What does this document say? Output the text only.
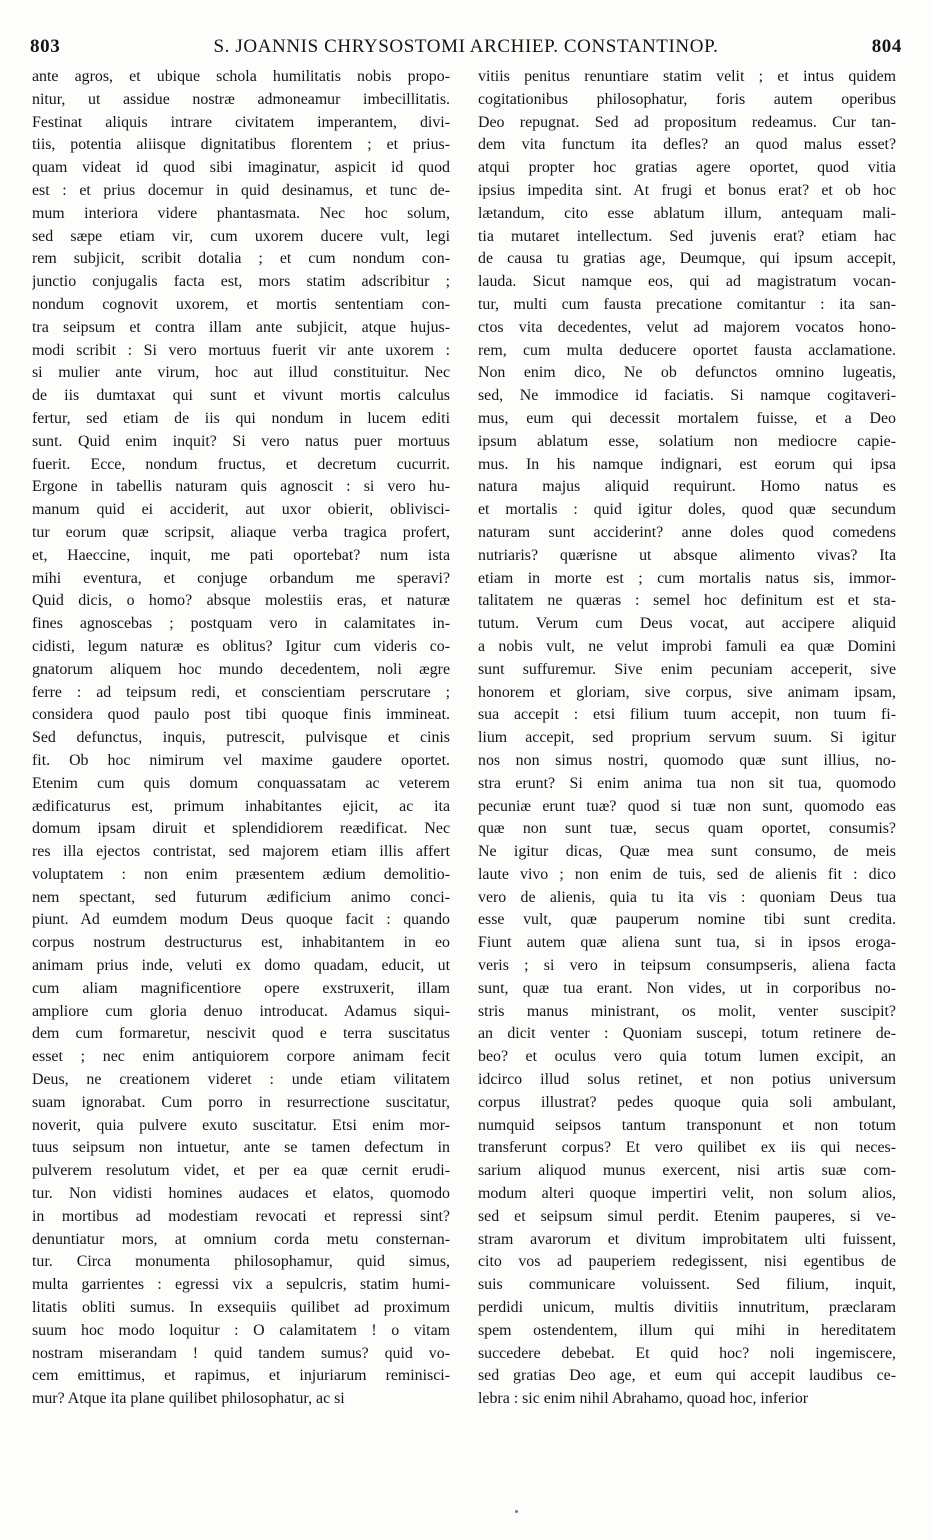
803	S. JOANNIS CHRYSOSTOMI ARCHIEP. CONSTANTINOP.	804
ante agros, et ubique schola humilitatis nobis propo-
nitur, ut assidue nostræ admoneamur imbecillitatis.
Festinat aliquis intrare civitatem imperantem, divi-
tiis, potentia aliisque dignitatibus florentem ; et prius-
quam videat id quod sibi imaginatur, aspicit id quod
est : et prius docemur in quid desinamus, et tunc de-
mum interiora videre phantasmata. Nec hoc solum,
sed sæpe etiam vir, cum uxorem ducere vult, legi
rem subjicit, scribit dotalia ; et cum nondum con-
junctio conjugalis facta est, mors statim adscribitur ;
nondum cognovit uxorem, et mortis sententiam con-
tra seipsum et contra illam ante subjicit, atque hujus-
modi scribit : Si vero mortuus fuerit vir ante uxorem :
si mulier ante virum, hoc aut illud constituitur. Nec
de iis dumtaxat qui sunt et vivunt mortis calculus
fertur, sed etiam de iis qui nondum in lucem editi
sunt. Quid enim inquit? Si vero natus puer mortuus
fuerit. Ecce, nondum fructus, et decretum cucurrit.
Ergone in tabellis naturam quis agnoscit : si vero hu-
manum quid ei acciderit, aut uxor obierit, oblivisci-
tur eorum quæ scripsit, aliaque verba tragica profert,
et, Haeccine, inquit, me pati oportebat? num ista
mihi eventura, et conjuge orbandum me speravi?
Quid dicis, o homo? absque molestiis eras, et naturæ
fines agnoscebas ; postquam vero in calamitates in-
cidisti, legum naturæ es oblitus? Igitur cum videris co-
gnatorum aliquem hoc mundo decedentem, noli ægre
ferre : ad teipsum redi, et conscientiam perscrutare ;
considera quod paulo post tibi quoque finis immineat.
Sed defunctus, inquis, putrescit, pulvisque et cinis
fit. Ob hoc nimirum vel maxime gaudere oportet.
Etenim cum quis domum conquassatam ac veterem
ædificaturus est, primum inhabitantes ejicit, ac ita
domum ipsam diruit et splendidiorem reædificat. Nec
res illa ejectos contristat, sed majorem etiam illis affert
voluptatem : non enim præsentem ædium demolitio-
nem spectant, sed futurum ædificium animo conci-
piunt. Ad eumdem modum Deus quoque facit : quando
corpus nostrum destructurus est, inhabitantem in eo
animam prius inde, veluti ex domo quadam, educit, ut
cum aliam magnificentiore opere exstruxerit, illam
ampliore cum gloria denuo introducat. Adamus siqui-
dem cum formaretur, nescivit quod e terra suscitatus
esset ; nec enim antiquiorem corpore animam fecit
Deus, ne creationem videret : unde etiam vilitatem
suam ignorabat. Cum porro in resurrectione suscitatur,
noverit, quia pulvere exuto suscitatur. Etsi enim mor-
tuus seipsum non intuetur, ante se tamen defectum in
pulverem resolutum videt, et per ea quæ cernit erudi-
tur. Non vidisti homines audaces et elatos, quomodo
in mortibus ad modestiam revocati et repressi sint?
denuntiatur mors, at omnium corda metu consternan-
tur. Circa monumenta philosophamur, quid simus,
multa garrientes : egressi vix a sepulcris, statim humi-
litatis obliti sumus. In exsequiis quilibet ad proximum
suum hoc modo loquitur : O calamitatem ! o vitam
nostram miserandam ! quid tandem sumus? quid vo-
cem emittimus, et rapimus, et injuriarum reminisci-
mur? Atque ita plane quilibet philosophatur, ac si
vitiis penitus renuntiare statim velit ; et intus quidem
cogitationibus philosophatur, foris autem operibus
Deo repugnat. Sed ad propositum redeamus. Cur tan-
dem vita functum ita defles? an quod malus esset?
atqui propter hoc gratias agere oportet, quod vitia
ipsius impedita sint. At frugi et bonus erat? et ob hoc
lætandum, cito esse ablatum illum, antequam mali-
tia mutaret intellectum. Sed juvenis erat? etiam hac
de causa tu gratias age, Deumque, qui ipsum accepit,
lauda. Sicut namque eos, qui ad magistratum vocan-
tur, multi cum fausta precatione comitantur : ita san-
ctos vita decedentes, velut ad majorem vocatos hono-
rem, cum multa deducere oportet fausta acclamatione.
Non enim dico, Ne ob defunctos omnino lugeatis,
sed, Ne immodice id faciatis. Si namque cogitaveri-
mus, eum qui decessit mortalem fuisse, et a Deo
ipsum ablatum esse, solatium non mediocre capie-
mus. In his namque indignari, est eorum qui ipsa
natura majus aliquid requirunt. Homo natus es
et mortalis : quid igitur doles, quod quæ secundum
naturam sunt acciderint? anne doles quod comedens
nutriaris? quærisne ut absque alimento vivas? Ita
etiam in morte est ; cum mortalis natus sis, immor-
talitatem ne quæras : semel hoc definitum est et sta-
tutum. Verum cum Deus vocat, aut accipere aliquid
a nobis vult, ne velut improbi famuli ea quæ Domini
sunt suffuremur. Sive enim pecuniam acceperit, sive
honorem et gloriam, sive corpus, sive animam ipsam,
sua accepit : etsi filium tuum accepit, non tuum fi-
lium accepit, sed proprium servum suum. Si igitur
nos non simus nostri, quomodo quæ sunt illius, no-
stra erunt? Si enim anima tua non sit tua, quomodo
pecuniæ erunt tuæ? quod si tuæ non sunt, quomodo eas
quæ non sunt tuæ, secus quam oportet, consumis?
Ne igitur dicas, Quæ mea sunt consumo, de meis
laute vivo ; non enim de tuis, sed de alienis fit : dico
vero de alienis, quia tu ita vis : quoniam Deus tua
esse vult, quæ pauperum nomine tibi sunt credita.
Fiunt autem quæ aliena sunt tua, si in ipsos eroga-
veris ; si vero in teipsum consumpseris, aliena facta
sunt, quæ tua erant. Non vides, ut in corporibus no-
stris manus ministrant, os molit, venter suscipit?
an dicit venter : Quoniam suscepi, totum retinere de-
beo? et oculus vero quia totum lumen excipit, an
idcirco illud solus retinet, et non potius universum
corpus illustrat? pedes quoque quia soli ambulant,
numquid seipsos tantum transponunt et non totum
transferunt corpus? Et vero quilibet ex iis qui neces-
sarium aliquod munus exercent, nisi artis suæ com-
modum alteri quoque impertiri velit, non solum alios,
sed et seipsum simul perdit. Etenim pauperes, si ve-
stram avarorum et divitum improbitatem ulti fuissent,
cito vos ad pauperiem redegissent, nisi egentibus de
suis communicare voluissent. Sed filium, inquit,
perdidi unicum, multis divitiis innutritum, præclaram
spem ostendentem, illum qui mihi in hereditatem
succedere debebat. Et quid hoc? noli ingemiscere,
sed gratias Deo age, et eum qui accepit laudibus ce-
lebra : sic enim nihil Abrahamo, quoad hoc, inferior
